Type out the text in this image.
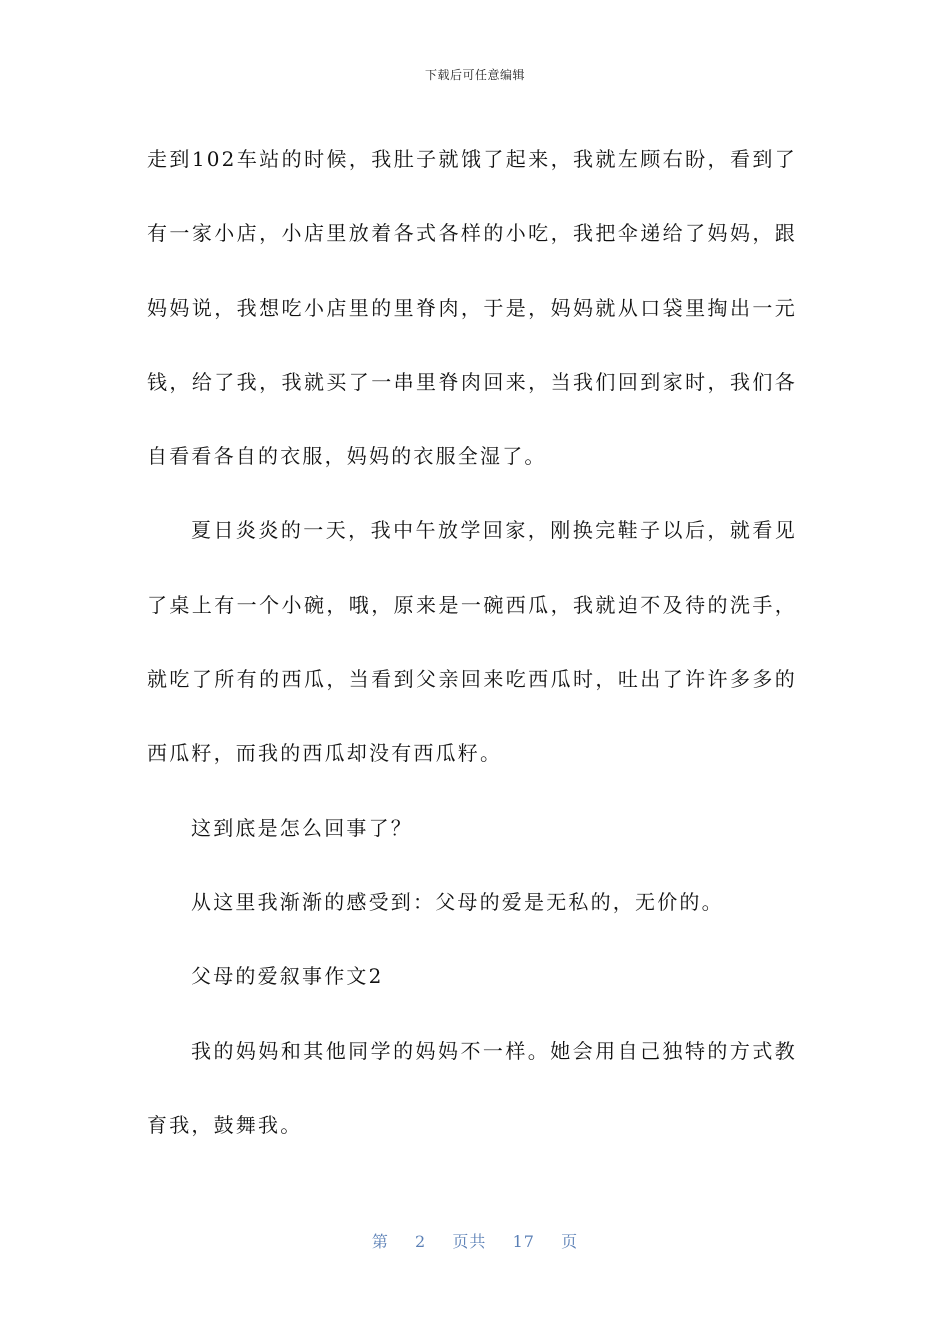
下载后可任意编辑

走到102车站的时候，我肚子就饿了起来，我就左顾右盼，看到了有一家小店，小店里放着各式各样的小吃，我把伞递给了妈妈，跟妈妈说，我想吃小店里的里脊肉，于是，妈妈就从口袋里掏出一元钱，给了我，我就买了一串里脊肉回来，当我们回到家时，我们各自看看各自的衣服，妈妈的衣服全湿了。

夏日炎炎的一天，我中午放学回家，刚换完鞋子以后，就看见了桌上有一个小碗，哦，原来是一碗西瓜，我就迫不及待的洗手，就吃了所有的西瓜，当看到父亲回来吃西瓜时，吐出了许许多多的西瓜籽，而我的西瓜却没有西瓜籽。

这到底是怎么回事了？

从这里我渐渐的感受到：父母的爱是无私的，无价的。

父母的爱叙事作文2

我的妈妈和其他同学的妈妈不一样。她会用自己独特的方式教育我，鼓舞我。

第 2 页共 17 页
